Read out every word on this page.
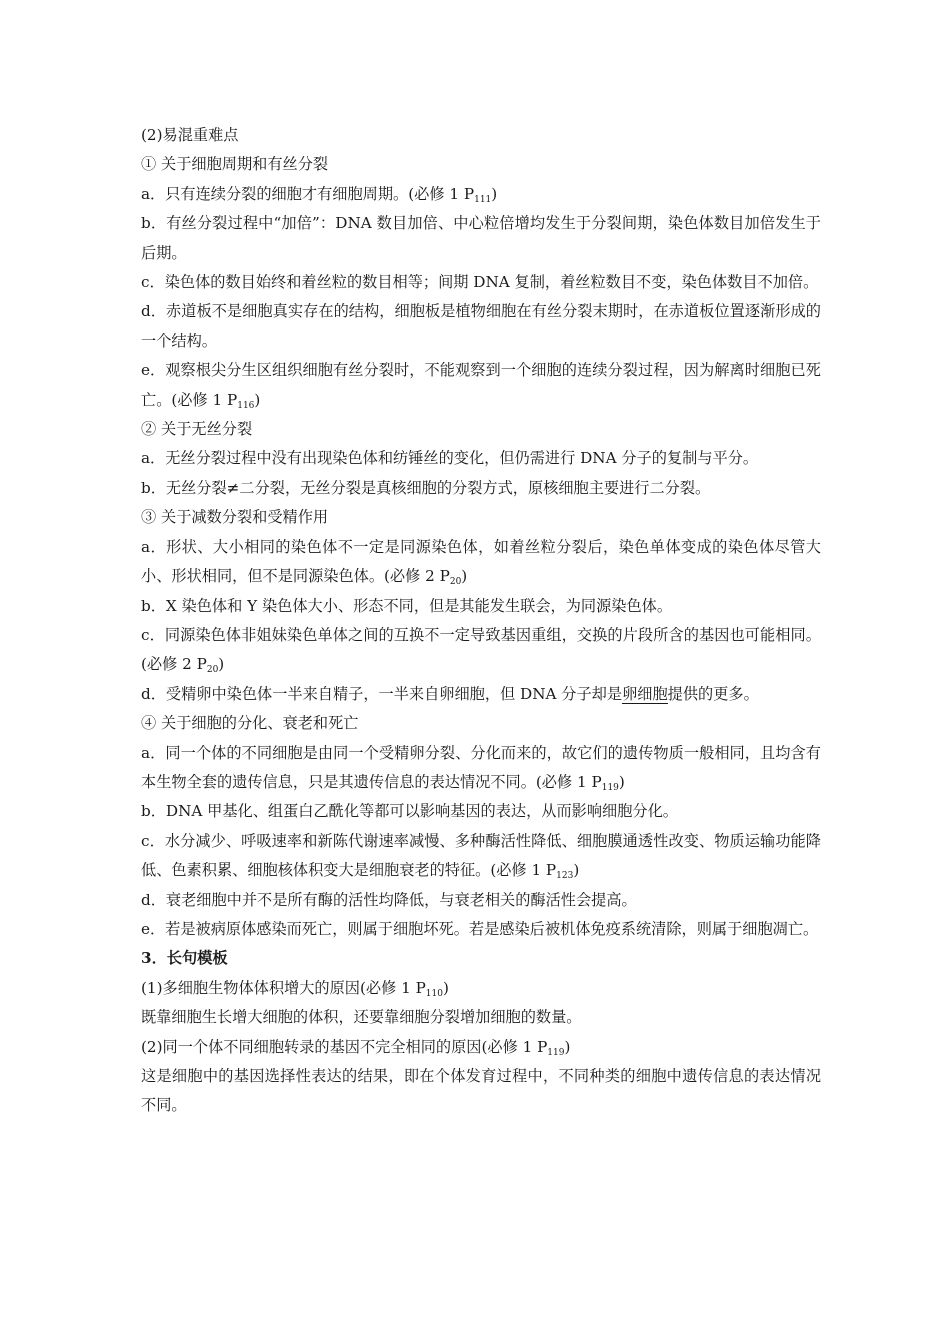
(2)易混重难点
① 关于细胞周期和有丝分裂
a．只有连续分裂的细胞才有细胞周期。(必修 1 $P_{111}$)
b．有丝分裂过程中“加倍”：DNA 数目加倍、中心粒倍增均发生于分裂间期，染色体数目加倍发生于后期。
c．染色体的数目始终和着丝粒的数目相等；间期 DNA 复制，着丝粒数目不变，染色体数目不加倍。
d．赤道板不是细胞真实存在的结构，细胞板是植物细胞在有丝分裂末期时，在赤道板位置逐渐形成的一个结构。
e．观察根尖分生区组织细胞有丝分裂时，不能观察到一个细胞的连续分裂过程，因为解离时细胞已死亡。(必修 1 $P_{116}$)
② 关于无丝分裂
a．无丝分裂过程中没有出现染色体和纺锤丝的变化，但仍需进行 DNA 分子的复制与平分。
b．无丝分裂≠二分裂，无丝分裂是真核细胞的分裂方式，原核细胞主要进行二分裂。
③ 关于减数分裂和受精作用
a．形状、大小相同的染色体不一定是同源染色体，如着丝粒分裂后，染色单体变成的染色体尽管大小、形状相同，但不是同源染色体。(必修 2 $P_{20}$)
b．X 染色体和 Y 染色体大小、形态不同，但是其能发生联会，为同源染色体。
c．同源染色体非姐妹染色单体之间的互换不一定导致基因重组，交换的片段所含的基因也可能相同。(必修 2 $P_{20}$)
d．受精卵中染色体一半来自精子，一半来自卵细胞，但 DNA 分子却是卵细胞提供的更多。
④ 关于细胞的分化、衰老和死亡
a．同一个体的不同细胞是由同一个受精卵分裂、分化而来的，故它们的遗传物质一般相同，且均含有本生物全套的遗传信息，只是其遗传信息的表达情况不同。(必修 1 $P_{119}$)
b．DNA 甲基化、组蛋白乙酰化等都可以影响基因的表达，从而影响细胞分化。
c．水分减少、呼吸速率和新陈代谢速率减慢、多种酶活性降低、细胞膜通透性改变、物质运输功能降低、色素积累、细胞核体积变大是细胞衰老的特征。(必修 1 $P_{123}$)
d．衰老细胞中并不是所有酶的活性均降低，与衰老相关的酶活性会提高。
e．若是被病原体感染而死亡，则属于细胞坏死。若是感染后被机体免疫系统清除，则属于细胞凋亡。
3．长句模板
(1)多细胞生物体体积增大的原因(必修 1 $P_{110}$)
既靠细胞生长增大细胞的体积，还要靠细胞分裂增加细胞的数量。
(2)同一个体不同细胞转录的基因不完全相同的原因(必修 1 $P_{119}$)
这是细胞中的基因选择性表达的结果，即在个体发育过程中，不同种类的细胞中遗传信息的表达情况不同。
